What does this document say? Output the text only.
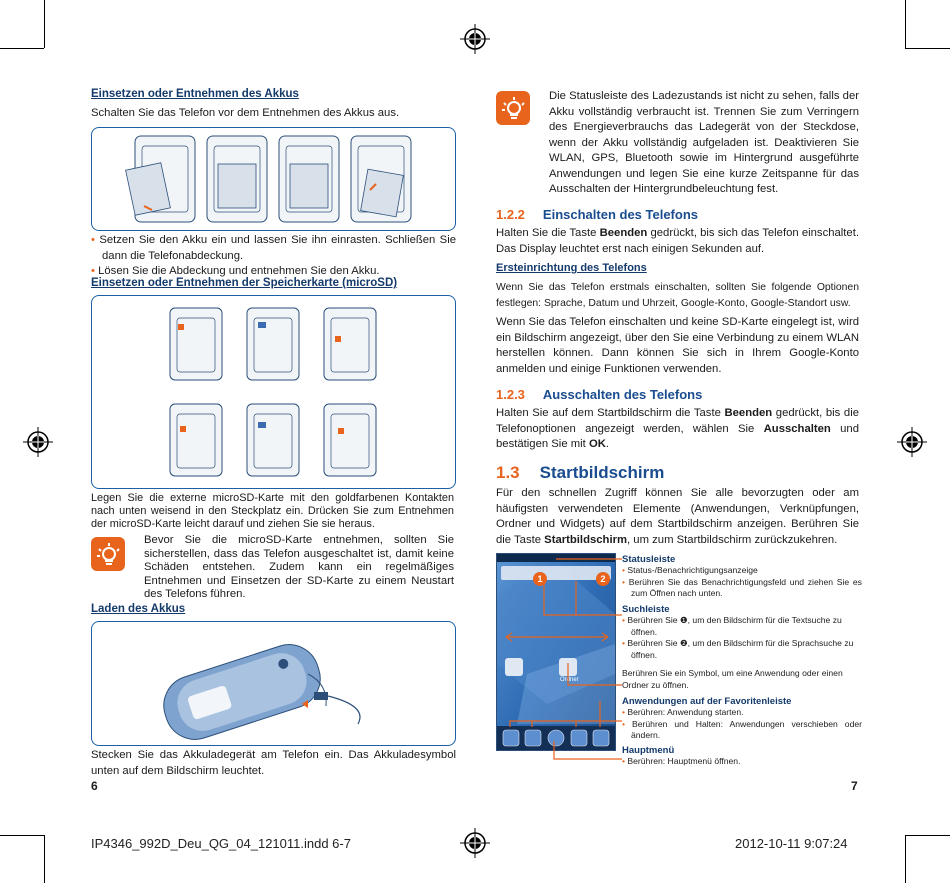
Einsetzen oder Entnehmen des Akkus
Schalten Sie das Telefon vor dem Entnehmen des Akkus aus.
• Setzen Sie den Akku ein und lassen Sie ihn einrasten. Schließen Sie dann die Telefonabdeckung.
• Lösen Sie die Abdeckung und entnehmen Sie den Akku.
Einsetzen oder Entnehmen der Speicherkarte (microSD)
Legen Sie die externe microSD-Karte mit den goldfarbenen Kontakten nach unten weisend in den Steckplatz ein. Drücken Sie zum Entnehmen der microSD-Karte leicht darauf und ziehen Sie sie heraus.
Bevor Sie die microSD-Karte entnehmen, sollten Sie sicherstellen, dass das Telefon ausgeschaltet ist, damit keine Schäden entstehen. Zudem kann ein regelmäßiges Entnehmen und Einsetzen der SD-Karte zu einem Neustart des Telefons führen.
Laden des Akkus
Stecken Sie das Akkuladegerät am Telefon ein. Das Akkuladesymbol unten auf dem Bildschirm leuchtet.
6
Die Statusleiste des Ladezustands ist nicht zu sehen, falls der Akku vollständig verbraucht ist. Trennen Sie zum Verringern des Energieverbrauchs das Ladegerät von der Steckdose, wenn der Akku vollständig aufgeladen ist. Deaktivieren Sie WLAN, GPS, Bluetooth sowie im Hintergrund ausgeführte Anwendungen und legen Sie eine kurze Zeitspanne für das Ausschalten der Hintergrundbeleuchtung fest.
1.2.2 Einschalten des Telefons
Halten Sie die Taste Beenden gedrückt, bis sich das Telefon einschaltet. Das Display leuchtet erst nach einigen Sekunden auf.
Ersteinrichtung des Telefons
Wenn Sie das Telefon erstmals einschalten, sollten Sie folgende Optionen festlegen: Sprache, Datum und Uhrzeit, Google-Konto, Google-Standort usw.
Wenn Sie das Telefon einschalten und keine SD-Karte eingelegt ist, wird ein Bildschirm angezeigt, über den Sie eine Verbindung zu einem WLAN herstellen können. Dann können Sie sich in Ihrem Google-Konto anmelden und einige Funktionen verwenden.
1.2.3 Ausschalten des Telefons
Halten Sie auf dem Startbildschirm die Taste Beenden gedrückt, bis die Telefonoptionen angezeigt werden, wählen Sie Ausschalten und bestätigen Sie mit OK.
1.3 Startbildschirm
Für den schnellen Zugriff können Sie alle bevorzugten oder am häufigsten verwendeten Elemente (Anwendungen, Verknüpfungen, Ordner und Widgets) auf dem Startbildschirm anzeigen. Berühren Sie die Taste Startbildschirm, um zum Startbildschirm zurückzukehren.
1	2
Ordner
Statusleiste
• Status-/Benachrichtigungsanzeige
• Berühren Sie das Benachrichtigungsfeld und ziehen Sie es zum Öffnen nach unten.
Suchleiste
• Berühren Sie ❶, um den Bildschirm für die Textsuche zu öffnen.
• Berühren Sie ❷, um den Bildschirm für die Sprachsuche zu öffnen.
Berühren Sie ein Symbol, um eine Anwendung oder einen Ordner zu öffnen.
Anwendungen auf der Favoritenleiste
• Berühren: Anwendung starten.
• Berühren und Halten: Anwendungen verschieben oder ändern.
Hauptmenü
• Berühren: Hauptmenü öffnen.
7
IP4346_992D_Deu_QG_04_121011.indd 6-7	2012-10-11 9:07:24
